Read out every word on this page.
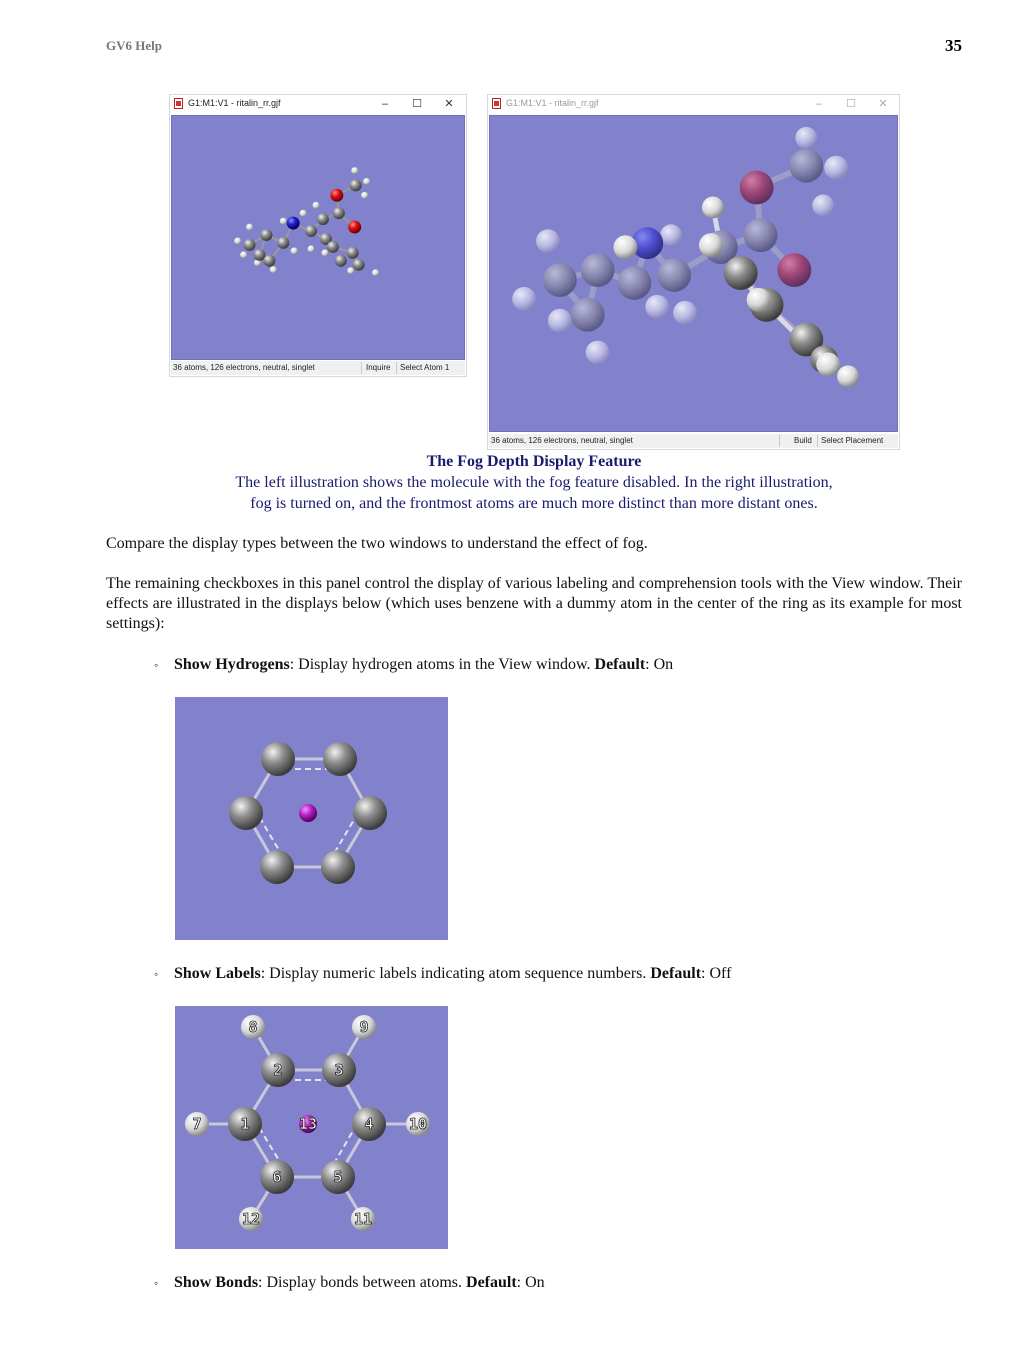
GV6 Help	35
G1:M1:V1 - ritalin_rr.gjf	–	☐	✕
36 atoms, 126 electrons, neutral, singlet	Inquire Select Atom 1
G1:M1:V1 - ritalin_rr.gjf	–	☐	✕
36 atoms, 126 electrons, neutral, singlet	Build Select Placement
The Fog Depth Display Feature
The left illustration shows the molecule with the fog feature disabled. In the right illustration,
fog is turned on, and the frontmost atoms are much more distinct than more distant ones.
Compare the display types between the two windows to understand the effect of fog.
The remaining checkboxes in this panel control the display of various labeling and comprehension tools with the View window. Their effects are illustrated in the displays below (which uses benzene with a dummy atom in the center of the ring as its example for most settings):
◦ Show Hydrogens: Display hydrogen atoms in the View window. Default: On
◦ Show Labels: Display numeric labels indicating atom sequence numbers. Default: Off
2	3
4
5
6
1
8	9
10
11
12
7	13
◦ Show Bonds: Display bonds between atoms. Default: On
